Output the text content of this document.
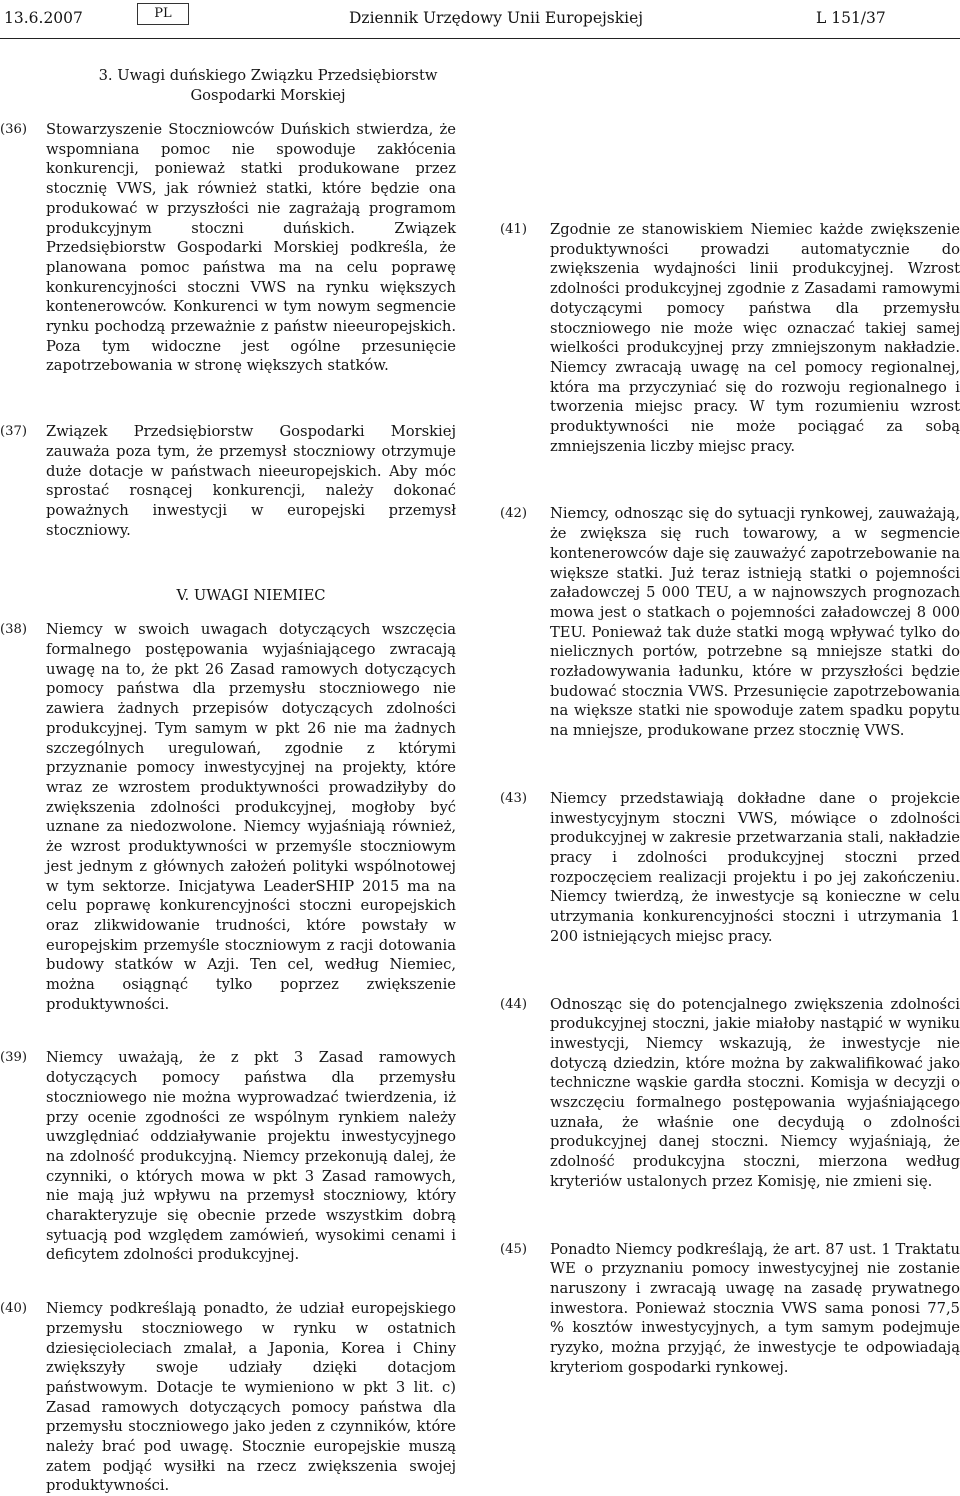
13.6.2007	PL	Dziennik Urzędowy Unii Europejskiej	L 151/37
3. Uwagi duńskiego Związku Przedsiębiorstw
Gospodarki Morskiej
(36) Stowarzyszenie Stoczniowców Duńskich stwierdza, że wspomniana pomoc nie spowoduje zakłócenia konkurencji, ponieważ statki produkowane przez stocznię VWS, jak również statki, które będzie ona produkować w przyszłości nie zagrażają programom produkcyjnym stoczni duńskich. Związek Przedsiębiorstw Gospodarki Morskiej podkreśla, że planowana pomoc państwa ma na celu poprawę konkurencyjności stoczni VWS na rynku większych kontenerowców. Konkurenci w tym nowym segmencie rynku pochodzą przeważnie z państw nieeuropejskich. Poza tym widoczne jest ogólne przesunięcie zapotrzebowania w stronę większych statków.
(37) Związek Przedsiębiorstw Gospodarki Morskiej zauważa poza tym, że przemysł stoczniowy otrzymuje duże dotacje w państwach nieeuropejskich. Aby móc sprostać rosnącej konkurencji, należy dokonać poważnych inwestycji w europejski przemysł stoczniowy.
V. UWAGI NIEMIEC
(38) Niemcy w swoich uwagach dotyczących wszczęcia formalnego postępowania wyjaśniającego zwracają uwagę na to, że pkt 26 Zasad ramowych dotyczących pomocy państwa dla przemysłu stoczniowego nie zawiera żadnych przepisów dotyczących zdolności produkcyjnej. Tym samym w pkt 26 nie ma żadnych szczególnych uregulowań, zgodnie z którymi przyznanie pomocy inwestycyjnej na projekty, które wraz ze wzrostem produktywności prowadziłyby do zwiększenia zdolności produkcyjnej, mogłoby być uznane za niedozwolone. Niemcy wyjaśniają również, że wzrost produktywności w przemyśle stoczniowym jest jednym z głównych założeń polityki wspólnotowej w tym sektorze. Inicjatywa LeaderSHIP 2015 ma na celu poprawę konkurencyjności stoczni europejskich oraz zlikwidowanie trudności, które powstały w europejskim przemyśle stoczniowym z racji dotowania budowy statków w Azji. Ten cel, według Niemiec, można osiągnąć tylko poprzez zwiększenie produktywności.
(39) Niemcy uważają, że z pkt 3 Zasad ramowych dotyczących pomocy państwa dla przemysłu stoczniowego nie można wyprowadzać twierdzenia, iż przy ocenie zgodności ze wspólnym rynkiem należy uwzględniać oddziaływanie projektu inwestycyjnego na zdolność produkcyjną. Niemcy przekonują dalej, że czynniki, o których mowa w pkt 3 Zasad ramowych, nie mają już wpływu na przemysł stoczniowy, który charakteryzuje się obecnie przede wszystkim dobrą sytuacją pod względem zamówień, wysokimi cenami i deficytem zdolności produkcyjnej.
(40) Niemcy podkreślają ponadto, że udział europejskiego przemysłu stoczniowego w rynku w ostatnich dziesięcioleciach zmalał, a Japonia, Korea i Chiny zwiększyły swoje udziały dzięki dotacjom państwowym. Dotacje te wymieniono w pkt 3 lit. c) Zasad ramowych dotyczących pomocy państwa dla przemysłu stoczniowego jako jeden z czynników, które należy brać pod uwagę. Stocznie europejskie muszą zatem podjąć wysiłki na rzecz zwiększenia swojej produktywności.
(41) Zgodnie ze stanowiskiem Niemiec każde zwiększenie produktywności prowadzi automatycznie do zwiększenia wydajności linii produkcyjnej. Wzrost zdolności produkcyjnej zgodnie z Zasadami ramowymi dotyczącymi pomocy państwa dla przemysłu stoczniowego nie może więc oznaczać takiej samej wielkości produkcyjnej przy zmniejszonym nakładzie. Niemcy zwracają uwagę na cel pomocy regionalnej, która ma przyczyniać się do rozwoju regionalnego i tworzenia miejsc pracy. W tym rozumieniu wzrost produktywności nie może pociągać za sobą zmniejszenia liczby miejsc pracy.
(42) Niemcy, odnosząc się do sytuacji rynkowej, zauważają, że zwiększa się ruch towarowy, a w segmencie kontenerowców daje się zauważyć zapotrzebowanie na większe statki. Już teraz istnieją statki o pojemności załadowczej 5 000 TEU, a w najnowszych prognozach mowa jest o statkach o pojemności załadowczej 8 000 TEU. Ponieważ tak duże statki mogą wpływać tylko do nielicznych portów, potrzebne są mniejsze statki do rozładowywania ładunku, które w przyszłości będzie budować stocznia VWS. Przesunięcie zapotrzebowania na większe statki nie spowoduje zatem spadku popytu na mniejsze, produkowane przez stocznię VWS.
(43) Niemcy przedstawiają dokładne dane o projekcie inwestycyjnym stoczni VWS, mówiące o zdolności produkcyjnej w zakresie przetwarzania stali, nakładzie pracy i zdolności produkcyjnej stoczni przed rozpoczęciem realizacji projektu i po jej zakończeniu. Niemcy twierdzą, że inwestycje są konieczne w celu utrzymania konkurencyjności stoczni i utrzymania 1 200 istniejących miejsc pracy.
(44) Odnosząc się do potencjalnego zwiększenia zdolności produkcyjnej stoczni, jakie miałoby nastąpić w wyniku inwestycji, Niemcy wskazują, że inwestycje nie dotyczą dziedzin, które można by zakwalifikować jako techniczne wąskie gardła stoczni. Komisja w decyzji o wszczęciu formalnego postępowania wyjaśniającego uznała, że właśnie one decydują o zdolności produkcyjnej danej stoczni. Niemcy wyjaśniają, że zdolność produkcyjna stoczni, mierzona według kryteriów ustalonych przez Komisję, nie zmieni się.
(45) Ponadto Niemcy podkreślają, że art. 87 ust. 1 Traktatu WE o przyznaniu pomocy inwestycyjnej nie zostanie naruszony i zwracają uwagę na zasadę prywatnego inwestora. Ponieważ stocznia VWS sama ponosi 77,5 % kosztów inwestycyjnych, a tym samym podejmuje ryzyko, można przyjąć, że inwestycje te odpowiadają kryteriom gospodarki rynkowej.
